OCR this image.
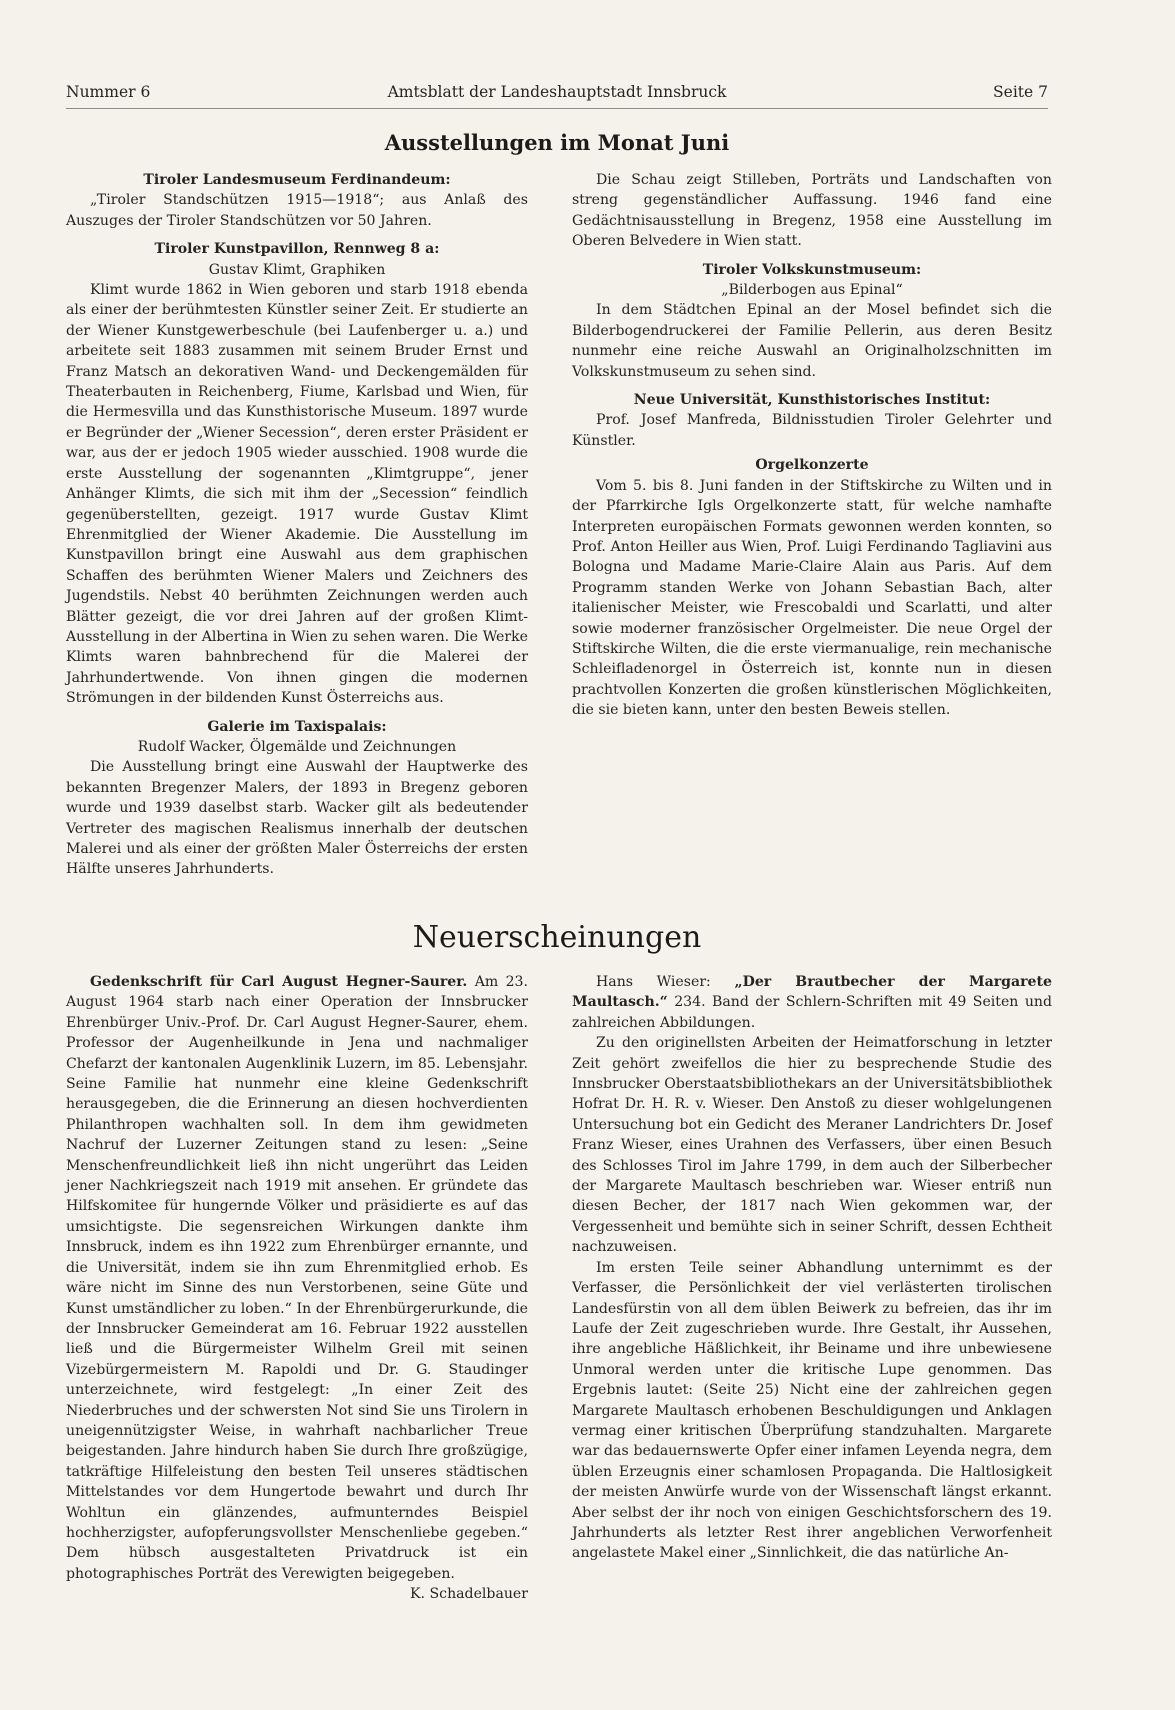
Nummer 6	Amtsblatt der Landeshauptstadt Innsbruck	Seite 7
Ausstellungen im Monat Juni
Tiroler Landesmuseum Ferdinandeum:

„Tiroler Standschützen 1915—1918“; aus Anlaß des Auszuges der Tiroler Standschützen vor 50 Jahren.

Tiroler Kunstpavillon, Rennweg 8 a:

Gustav Klimt, Graphiken

Klimt wurde 1862 in Wien geboren und starb 1918 ebenda als einer der berühmtesten Künstler seiner Zeit. Er studierte an der Wiener Kunstgewerbeschule (bei Laufenberger u. a.) und arbeitete seit 1883 zusammen mit seinem Bruder Ernst und Franz Matsch an dekorativen Wand- und Deckengemälden für Theaterbauten in Reichenberg, Fiume, Karlsbad und Wien, für die Hermesvilla und das Kunsthistorische Museum. 1897 wurde er Begründer der „Wiener Secession“, deren erster Präsident er war, aus der er jedoch 1905 wieder ausschied. 1908 wurde die erste Ausstellung der sogenannten „Klimtgruppe“, jener Anhänger Klimts, die sich mit ihm der „Secession“ feindlich gegenüberstellten, gezeigt. 1917 wurde Gustav Klimt Ehrenmitglied der Wiener Akademie. Die Ausstellung im Kunstpavillon bringt eine Auswahl aus dem graphischen Schaffen des berühmten Wiener Malers und Zeichners des Jugendstils. Nebst 40 berühmten Zeichnungen werden auch Blätter gezeigt, die vor drei Jahren auf der großen Klimt-Ausstellung in der Albertina in Wien zu sehen waren. Die Werke Klimts waren bahnbrechend für die Malerei der Jahrhundertwende. Von ihnen gingen die modernen Strömungen in der bildenden Kunst Österreichs aus.

Galerie im Taxispalais:

Rudolf Wacker, Ölgemälde und Zeichnungen

Die Ausstellung bringt eine Auswahl der Hauptwerke des bekannten Bregenzer Malers, der 1893 in Bregenz geboren wurde und 1939 daselbst starb. Wacker gilt als bedeutender Vertreter des magischen Realismus innerhalb der deutschen Malerei und als einer der größten Maler Österreichs der ersten Hälfte unseres Jahrhunderts.

Die Schau zeigt Stilleben, Porträts und Landschaften von streng gegenständlicher Auffassung. 1946 fand eine Gedächtnisausstellung in Bregenz, 1958 eine Ausstellung im Oberen Belvedere in Wien statt.

Tiroler Volkskunstmuseum:

„Bilderbogen aus Epinal“

In dem Städtchen Epinal an der Mosel befindet sich die Bilderbogendruckerei der Familie Pellerin, aus deren Besitz nunmehr eine reiche Auswahl an Originalholzschnitten im Volkskunstmuseum zu sehen sind.

Neue Universität, Kunsthistorisches Institut:

Prof. Josef Manfreda, Bildnisstudien Tiroler Gelehrter und Künstler.

Orgelkonzerte

Vom 5. bis 8. Juni fanden in der Stiftskirche zu Wilten und in der Pfarrkirche Igls Orgelkonzerte statt, für welche namhafte Interpreten europäischen Formats gewonnen werden konnten, so Prof. Anton Heiller aus Wien, Prof. Luigi Ferdinando Tagliavini aus Bologna und Madame Marie-Claire Alain aus Paris. Auf dem Programm standen Werke von Johann Sebastian Bach, alter italienischer Meister, wie Frescobaldi und Scarlatti, und alter sowie moderner französischer Orgelmeister. Die neue Orgel der Stiftskirche Wilten, die die erste viermanualige, rein mechanische Schleifladenorgel in Österreich ist, konnte nun in diesen prachtvollen Konzerten die großen künstlerischen Möglichkeiten, die sie bieten kann, unter den besten Beweis stellen.

Neuerscheinungen

Gedenkschrift für Carl August Hegner-Saurer. Am 23. August 1964 starb nach einer Operation der Innsbrucker Ehrenbürger Univ.-Prof. Dr. Carl August Hegner-Saurer, ehem. Professor der Augenheilkunde in Jena und nachmaliger Chefarzt der kantonalen Augenklinik Luzern, im 85. Lebensjahr. Seine Familie hat nunmehr eine kleine Gedenkschrift herausgegeben, die die Erinnerung an diesen hochverdienten Philanthropen wachhalten soll. In dem ihm gewidmeten Nachruf der Luzerner Zeitungen stand zu lesen: „Seine Menschenfreundlichkeit ließ ihn nicht ungerührt das Leiden jener Nachkriegszeit nach 1919 mit ansehen. Er gründete das Hilfskomitee für hungernde Völker und präsidierte es auf das umsichtigste. Die segensreichen Wirkungen dankte ihm Innsbruck, indem es ihn 1922 zum Ehrenbürger ernannte, und die Universität, indem sie ihn zum Ehrenmitglied erhob. Es wäre nicht im Sinne des nun Verstorbenen, seine Güte und Kunst umständlicher zu loben.“ In der Ehrenbürgerurkunde, die der Innsbrucker Gemeinderat am 16. Februar 1922 ausstellen ließ und die Bürgermeister Wilhelm Greil mit seinen Vizebürgermeistern M. Rapoldi und Dr. G. Staudinger unterzeichnete, wird festgelegt: „In einer Zeit des Niederbruches und der schwersten Not sind Sie uns Tirolern in uneigennützigster Weise, in wahrhaft nachbarlicher Treue beigestanden. Jahre hindurch haben Sie durch Ihre großzügige, tatkräftige Hilfeleistung den besten Teil unseres städtischen Mittelstandes vor dem Hungertode bewahrt und durch Ihr Wohltun ein glänzendes, aufmunterndes Beispiel hochherzigster, aufopferungsvollster Menschenliebe gegeben.“ Dem hübsch ausgestalteten Privatdruck ist ein photographisches Porträt des Verewigten beigegeben.

K. Schadelbauer

Hans Wieser: „Der Brautbecher der Margarete Maultasch.“ 234. Band der Schlern-Schriften mit 49 Seiten und zahlreichen Abbildungen.

Zu den originellsten Arbeiten der Heimatforschung in letzter Zeit gehört zweifellos die hier zu besprechende Studie des Innsbrucker Oberstaatsbibliothekars an der Universitätsbibliothek Hofrat Dr. H. R. v. Wieser. Den Anstoß zu dieser wohlgelungenen Untersuchung bot ein Gedicht des Meraner Landrichters Dr. Josef Franz Wieser, eines Urahnen des Verfassers, über einen Besuch des Schlosses Tirol im Jahre 1799, in dem auch der Silberbecher der Margarete Maultasch beschrieben war. Wieser entriß nun diesen Becher, der 1817 nach Wien gekommen war, der Vergessenheit und bemühte sich in seiner Schrift, dessen Echtheit nachzuweisen.

Im ersten Teile seiner Abhandlung unternimmt es der Verfasser, die Persönlichkeit der viel verlästerten tirolischen Landesfürstin von all dem üblen Beiwerk zu befreien, das ihr im Laufe der Zeit zugeschrieben wurde. Ihre Gestalt, ihr Aussehen, ihre angebliche Häßlichkeit, ihr Beiname und ihre unbewiesene Unmoral werden unter die kritische Lupe genommen. Das Ergebnis lautet: (Seite 25) Nicht eine der zahlreichen gegen Margarete Maultasch erhobenen Beschuldigungen und Anklagen vermag einer kritischen Überprüfung standzuhalten. Margarete war das bedauernswerte Opfer einer infamen Leyenda negra, dem üblen Erzeugnis einer schamlosen Propaganda. Die Haltlosigkeit der meisten Anwürfe wurde von der Wissenschaft längst erkannt. Aber selbst der ihr noch von einigen Geschichtsforschern des 19. Jahrhunderts als letzter Rest ihrer angeblichen Verworfenheit angelastete Makel einer „Sinnlichkeit, die das natürliche An-
